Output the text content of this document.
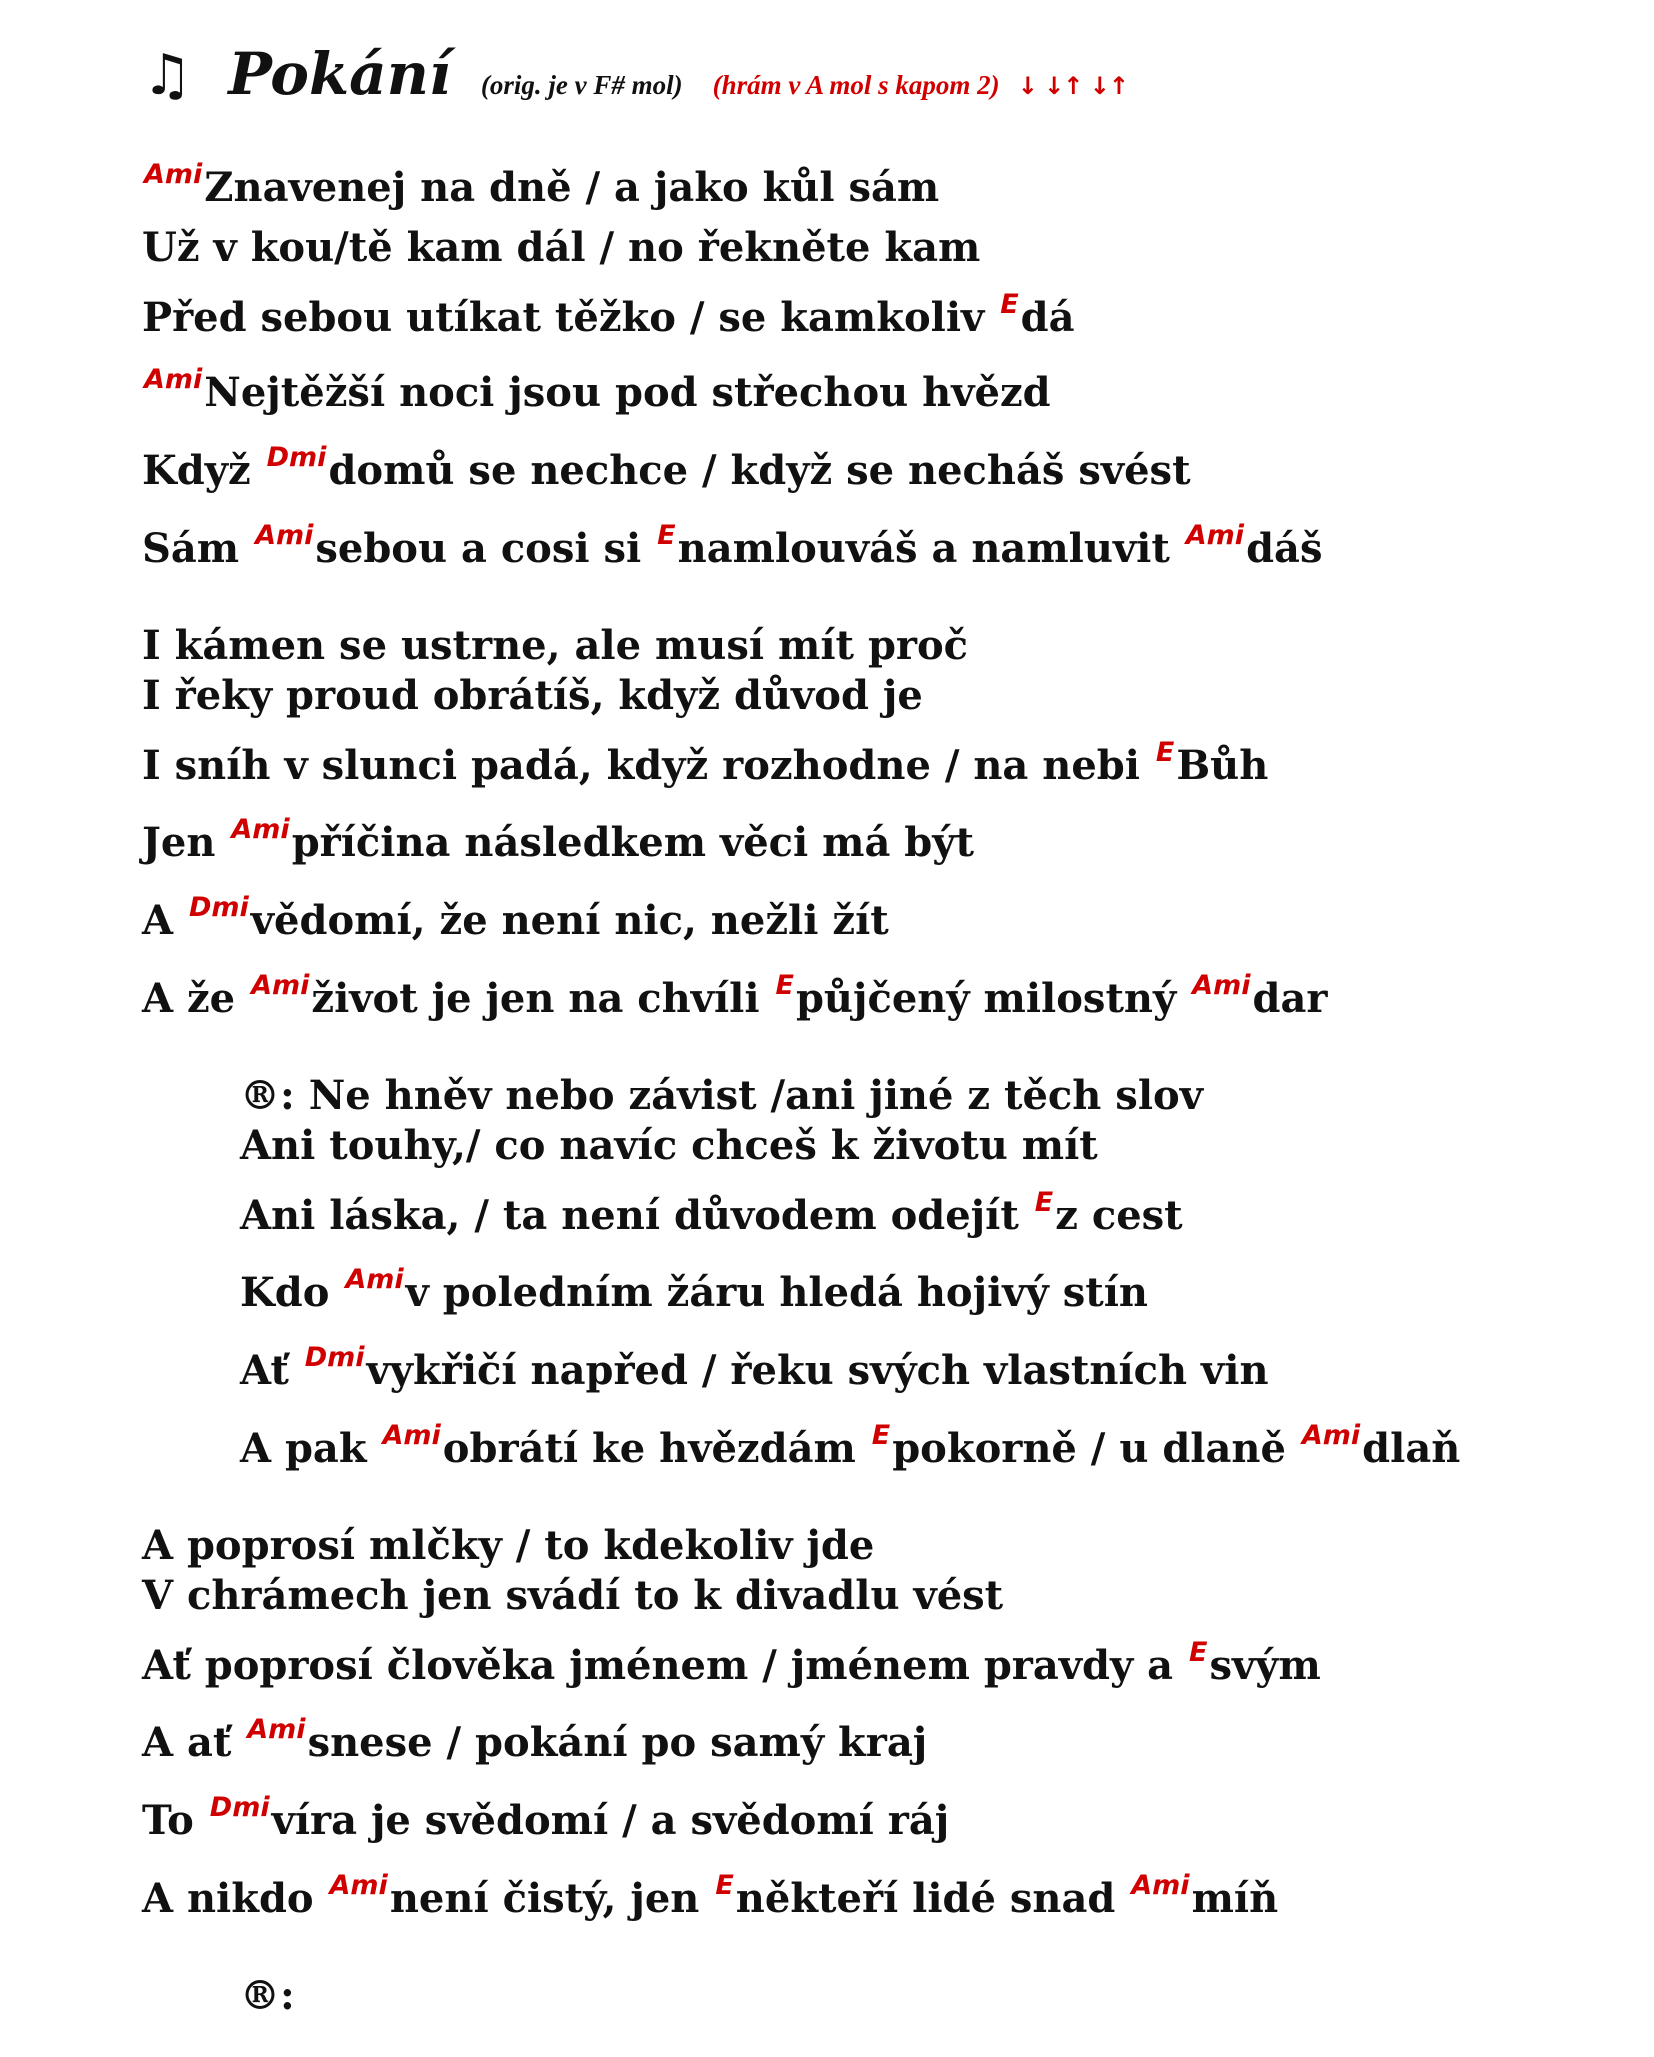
♫ Pokání (orig. je v F# mol) (hrám v A mol s kapom 2) ↓ ↓↑ ↓↑
$^{Ami}$Znavenej na dně / a jako kůl sám
Už v kou/tě kam dál / no řekněte kam
Před sebou utíkat těžko / se kamkoliv $^E$dá
$^{Ami}$Nejtěžší noci jsou pod střechou hvězd
Když $^{Dmi}$domů se nechce / když se necháš svést
Sám $^{Ami}$sebou a cosi si $^E$namlouváš a namluvit $^{Ami}$dáš
I kámen se ustrne, ale musí mít proč
I řeky proud obrátíš, když důvod je
I sníh v slunci padá, když rozhodne / na nebi $^E$Bůh
Jen $^{Ami}$příčina následkem věci má být
A $^{Dmi}$vědomí, že není nic, nežli žít
A že $^{Ami}$život je jen na chvíli $^E$půjčený milostný $^{Ami}$dar
®: Ne hněv nebo závist /ani jiné z těch slov
Ani touhy,/ co navíc chceš k životu mít
Ani láska, / ta není důvodem odejít $^E$z cest
Kdo $^{Ami}$v poledním žáru hledá hojivý stín
Ať $^{Dmi}$vykřičí napřed / řeku svých vlastních vin
A pak $^{Ami}$obrátí ke hvězdám $^E$pokorně / u dlaně $^{Ami}$dlaň
A poprosí mlčky / to kdekoliv jde
V chrámech jen svádí to k divadlu vést
Ať poprosí člověka jménem / jménem pravdy a $^E$svým
A ať $^{Ami}$snese / pokání po samý kraj
To $^{Dmi}$víra je svědomí / a svědomí ráj
A nikdo $^{Ami}$není čistý, jen $^E$někteří lidé snad $^{Ami}$míň
®:
